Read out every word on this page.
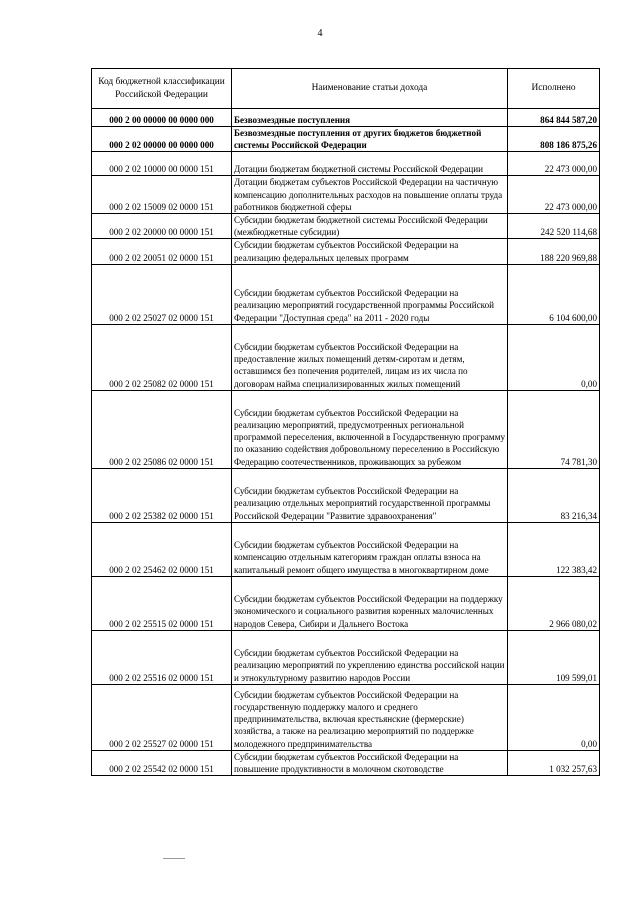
4
Код бюджетной классификации Российской Федерации	Наименование статьи дохода	Исполнено
000 2 00 00000 00 0000 000	Безвозмездные поступления	864 844 587,20
000 2 02 00000 00 0000 000	Безвозмездные поступления от других бюджетов бюджетной системы Российской Федерации	808 186 875,26
000 2 02 10000 00 0000 151	Дотации бюджетам бюджетной системы Российской Федерации	22 473 000,00
000 2 02 15009 02 0000 151	Дотации бюджетам субъектов Российской Федерации на частичную компенсацию дополнительных расходов на повышение оплаты труда работников бюджетной сферы	22 473 000,00
000 2 02 20000 00 0000 151	Субсидии бюджетам бюджетной системы Российской Федерации (межбюджетные субсидии)	242 520 114,68
000 2 02 20051 02 0000 151	Субсидии бюджетам субъектов Российской Федерации на реализацию федеральных целевых программ	188 220 969,88
000 2 02 25027 02 0000 151	Субсидии бюджетам субъектов Российской Федерации на реализацию мероприятий государственной программы Российской Федерации "Доступная среда" на 2011 - 2020 годы	6 104 600,00
000 2 02 25082 02 0000 151	Субсидии бюджетам субъектов Российской Федерации на предоставление жилых помещений детям-сиротам и детям, оставшимся без попечения родителей, лицам из их числа по договорам найма специализированных жилых помещений	0,00
000 2 02 25086 02 0000 151	Субсидии бюджетам субъектов Российской Федерации на реализацию мероприятий, предусмотренных региональной программой переселения, включенной в Государственную программу по оказанию содействия добровольному переселению в Российскую Федерацию соотечественников, проживающих за рубежом	74 781,30
000 2 02 25382 02 0000 151	Субсидии бюджетам субъектов Российской Федерации на реализацию отдельных мероприятий государственной программы Российской Федерации "Развитие здравоохранения"	83 216,34
000 2 02 25462 02 0000 151	Субсидии бюджетам субъектов Российской Федерации на компенсацию отдельным категориям граждан оплаты взноса на капитальный ремонт общего имущества в многоквартирном доме	122 383,42
000 2 02 25515 02 0000 151	Субсидии бюджетам субъектов Российской Федерации на поддержку экономического и социального развития коренных малочисленных народов Севера, Сибири и Дальнего Востока	2 966 080,02
000 2 02 25516 02 0000 151	Субсидии бюджетам субъектов Российской Федерации на реализацию мероприятий по укреплению единства российской нации и этнокультурному развитию народов России	109 599,01
000 2 02 25527 02 0000 151	Субсидии бюджетам субъектов Российской Федерации на государственную поддержку малого и среднего предпринимательства, включая крестьянские (фермерские) хозяйства, а также на реализацию мероприятий по поддержке молодежного предпринимательства	0,00
000 2 02 25542 02 0000 151	Субсидии бюджетам субъектов Российской Федерации на повышение продуктивности в молочном скотоводстве	1 032 257,63
